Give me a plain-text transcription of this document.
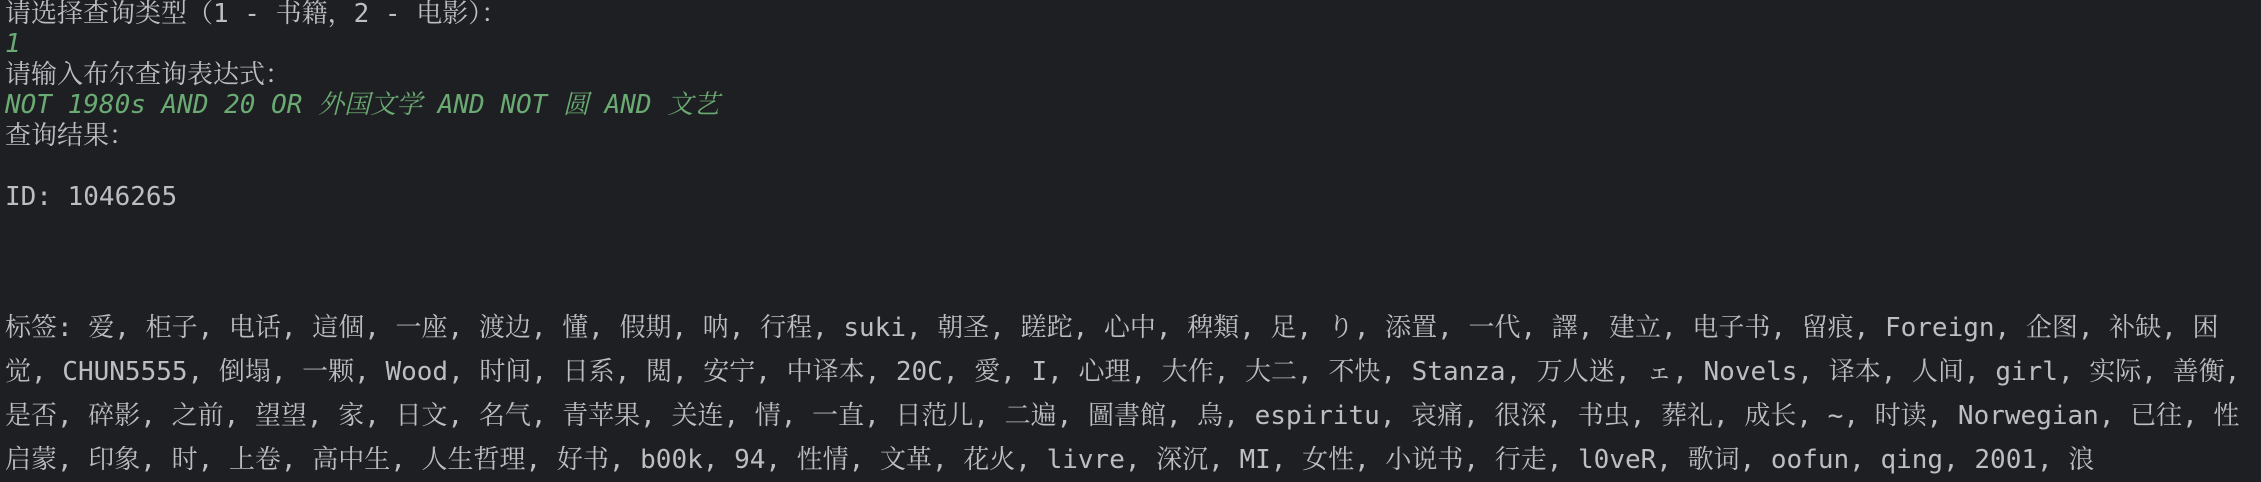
请选择查询类型（1 - 书籍，2 - 电影）：
1
请输入布尔查询表达式：
NOT 1980s AND 20 OR 外国文学 AND NOT 圆 AND 文艺
查询结果：
ID: 1046265
标签: 爱, 柜子, 电话, 這個, 一座, 渡边, 懂, 假期, 呐, 行程, suki, 朝圣, 蹉跎, 心中, 稗類, 足, り, 添置, 一代, 譯, 建立, 电子书, 留痕, Foreign, 企图, 补缺, 困觉, CHUN5555, 倒塌, 一颗, Wood, 时间, 日系, 閲, 安宁, 中译本, 20C, 愛, I, 心理, 大作, 大二, 不快, Stanza, 万人迷, ェ, Novels, 译本, 人间, girl, 实际, 善衡, 是否, 碎影, 之前, 望望, 家, 日文, 名气, 青苹果, 关连, 情, 一直, 日范儿, 二遍, 圖書館, 烏, espiritu, 哀痛, 很深, 书虫, 葬礼, 成长, ~, 时读, Norwegian, 已往, 性启蒙, 印象, 时, 上卷, 高中生, 人生哲理, 好书, b00k, 94, 性情, 文革, 花火, livre, 深沉, MI, 女性, 小说书, 行走, l0veR, 歌词, oofun, qing, 2001, 浪
